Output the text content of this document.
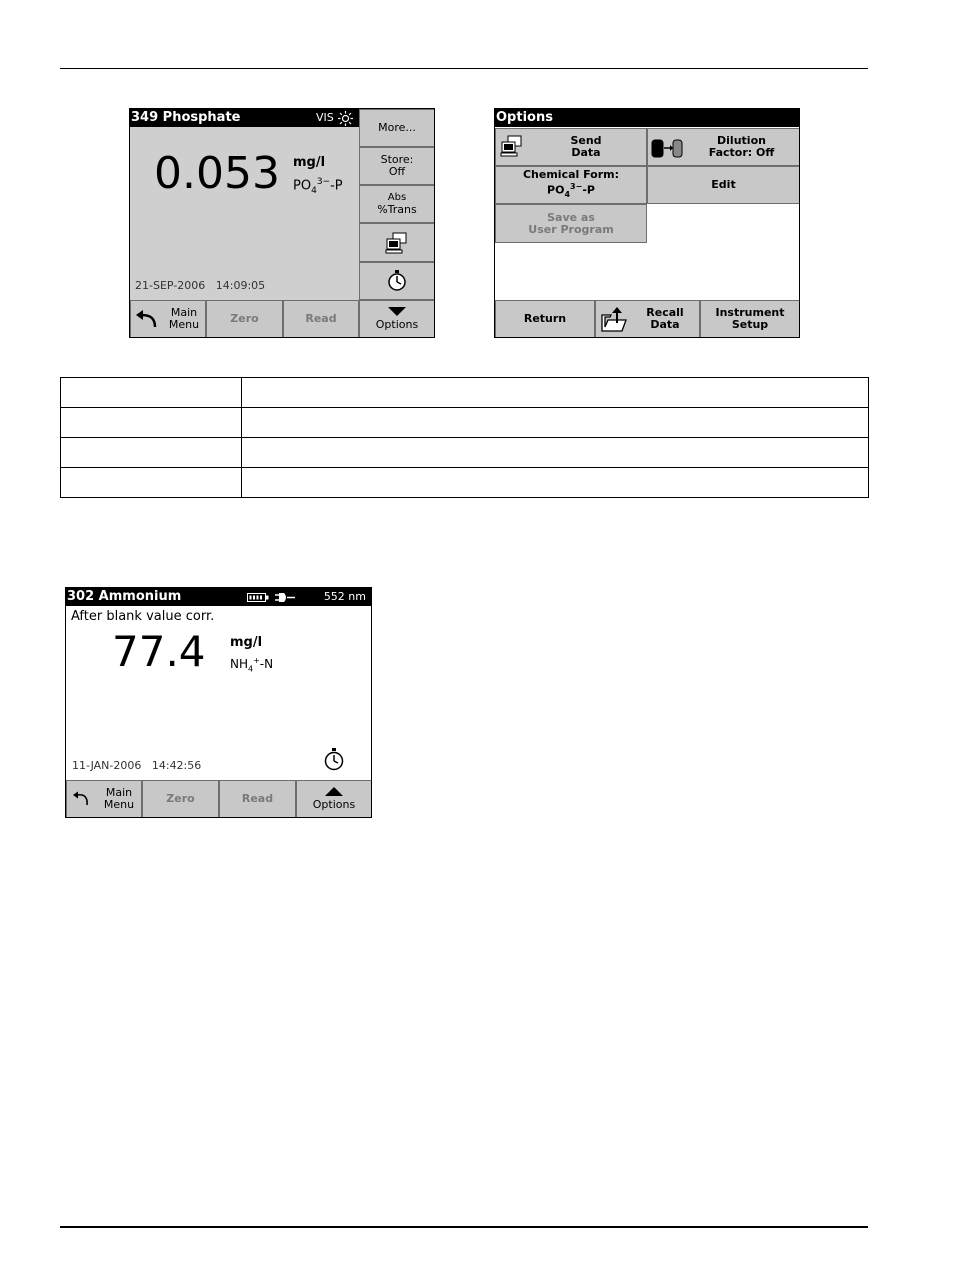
349 Phosphate	VIS
0.053 mg/l
$PO_4^{3-}-P$
21-SEP-2006 14:09:05
More...
Store:
Off
Abs
%Trans
Main
Menu	Zero	Read	Options
Options
Send
Data
Dilution
Factor: Off
Chemical Form:
$PO_4^{3-}-P$	Edit
Save as
User Program
Return	Recall
Data
Instrument
Setup

302 Ammonium	552 nm
After blank value corr.
77.4 mg/l
$NH_4^+-N$
11-JAN-2006 14:42:56
Main
Menu	Zero	Read	Options
